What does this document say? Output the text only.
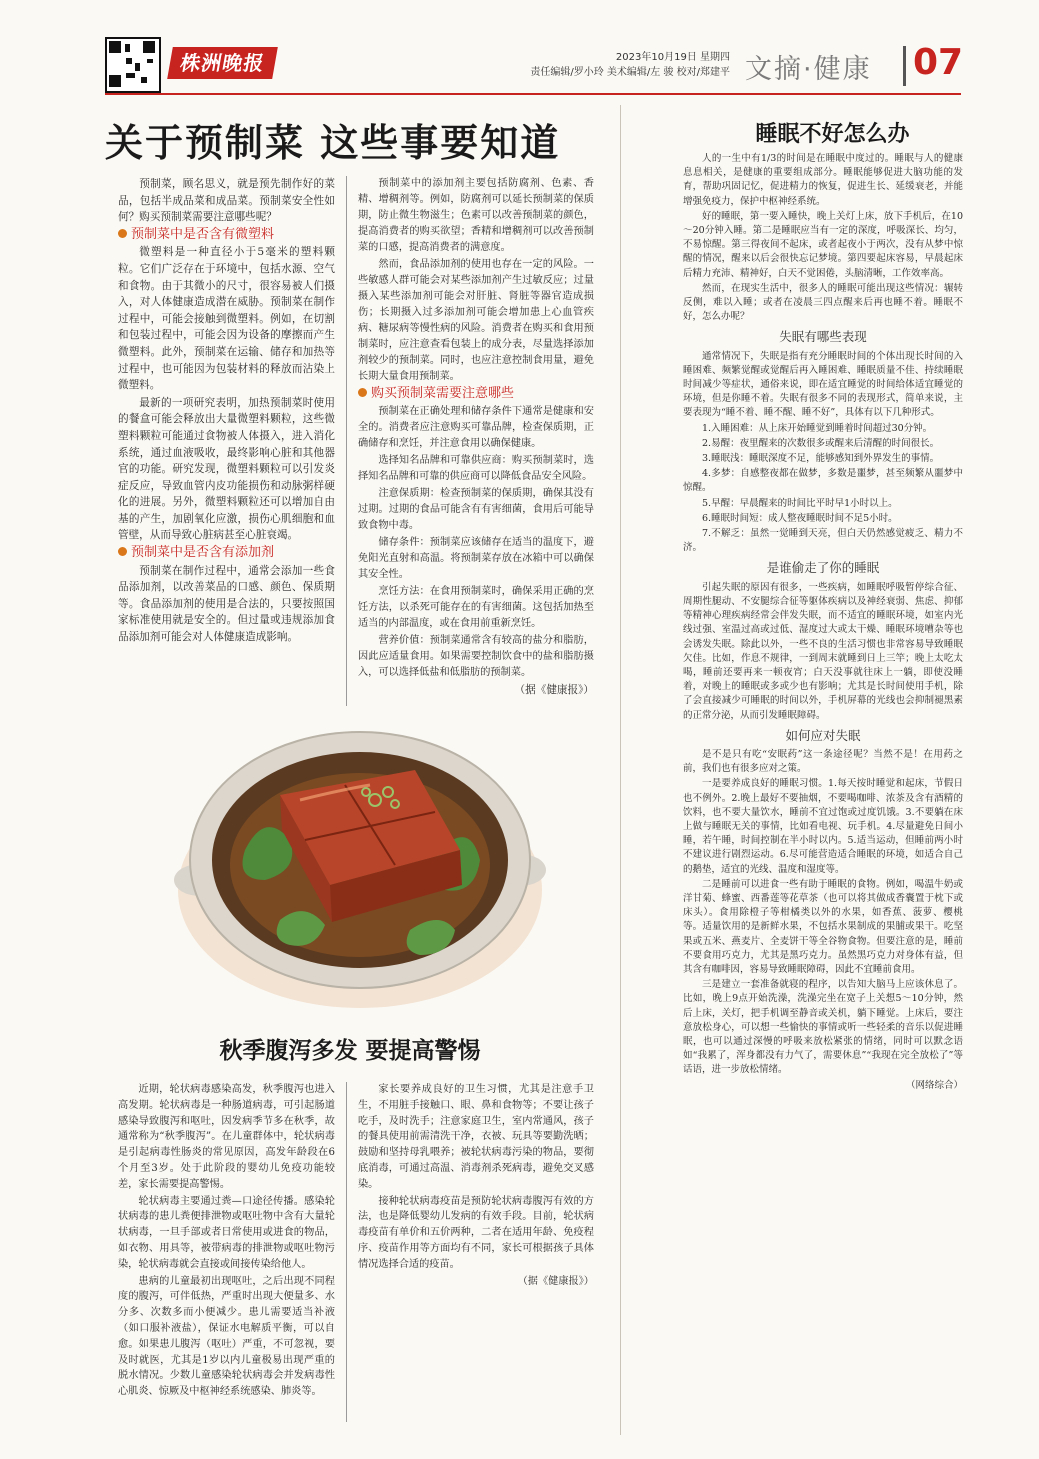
株洲晚报	2023年10月19日 星期四
责任编辑/罗小玲 美术编辑/左 骏 校对/郑建平 文摘·健康 07
关于预制菜 这些事要知道

预制菜，顾名思义，就是预先制作好的菜品，包括半成品菜和成品菜。预制菜安全性如何？购买预制菜需要注意哪些呢？

预制菜中是否含有微塑料

微塑料是一种直径小于5毫米的塑料颗粒。它们广泛存在于环境中，包括水源、空气和食物。由于其微小的尺寸，很容易被人们摄入，对人体健康造成潜在威胁。预制菜在制作过程中，可能会接触到微塑料。例如，在切割和包装过程中，可能会因为设备的摩擦而产生微塑料。此外，预制菜在运输、储存和加热等过程中，也可能因为包装材料的释放而沾染上微塑料。

最新的一项研究表明，加热预制菜时使用的餐盒可能会释放出大量微塑料颗粒，这些微塑料颗粒可能通过食物被人体摄入，进入消化系统，通过血液吸收，最终影响心脏和其他器官的功能。研究发现，微塑料颗粒可以引发炎症反应，导致血管内皮功能损伤和动脉粥样硬化的进展。另外，微塑料颗粒还可以增加自由基的产生，加剧氧化应激，损伤心肌细胞和血管壁，从而导致心脏病甚至心脏衰竭。

预制菜中是否含有添加剂

预制菜在制作过程中，通常会添加一些食品添加剂，以改善菜品的口感、颜色、保质期等。食品添加剂的使用是合法的，只要按照国家标准使用就是安全的。但过量或违规添加食品添加剂可能会对人体健康造成影响。

预制菜中的添加剂主要包括防腐剂、色素、香精、增稠剂等。例如，防腐剂可以延长预制菜的保质期，防止微生物滋生；色素可以改善预制菜的颜色，提高消费者的购买欲望；香精和增稠剂可以改善预制菜的口感，提高消费者的满意度。

然而，食品添加剂的使用也存在一定的风险。一些敏感人群可能会对某些添加剂产生过敏反应；过量摄入某些添加剂可能会对肝脏、肾脏等器官造成损伤；长期摄入过多添加剂可能会增加患上心血管疾病、糖尿病等慢性病的风险。消费者在购买和食用预制菜时，应注意查看包装上的成分表，尽量选择添加剂较少的预制菜。同时，也应注意控制食用量，避免长期大量食用预制菜。

购买预制菜需要注意哪些

预制菜在正确处理和储存条件下通常是健康和安全的。消费者应注意购买可靠品牌，检查保质期，正确储存和烹饪，并注意食用以确保健康。

选择知名品牌和可靠供应商：购买预制菜时，选择知名品牌和可靠的供应商可以降低食品安全风险。

注意保质期：检查预制菜的保质期，确保其没有过期。过期的食品可能含有有害细菌，食用后可能导致食物中毒。

储存条件：预制菜应该储存在适当的温度下，避免阳光直射和高温。将预制菜存放在冰箱中可以确保其安全性。

烹饪方法：在食用预制菜时，确保采用正确的烹饪方法，以杀死可能存在的有害细菌。这包括加热至适当的内部温度，或在食用前重新烹饪。

营养价值：预制菜通常含有较高的盐分和脂肪，因此应适量食用。如果需要控制饮食中的盐和脂肪摄入，可以选择低盐和低脂肪的预制菜。

（据《健康报》）

秋季腹泻多发 要提高警惕

近期，轮状病毒感染高发，秋季腹泻也进入高发期。轮状病毒是一种肠道病毒，可引起肠道感染导致腹泻和呕吐，因发病季节多在秋季，故通常称为“秋季腹泻”。在儿童群体中，轮状病毒是引起病毒性肠炎的常见原因，高发年龄段在6个月至3岁。处于此阶段的婴幼儿免疫功能较差，家长需要提高警惕。

轮状病毒主要通过粪—口途径传播。感染轮状病毒的患儿粪便排泄物或呕吐物中含有大量轮状病毒，一旦手部或者日常使用或进食的物品，如衣物、用具等，被带病毒的排泄物或呕吐物污染，轮状病毒就会直接或间接传染给他人。

患病的儿童最初出现呕吐，之后出现不同程度的腹泻，可伴低热，严重时出现大便量多、水分多、次数多而小便减少。患儿需要适当补液（如口服补液盐），保证水电解质平衡，可以自愈。如果患儿腹泻（呕吐）严重，不可忽视，要及时就医，尤其是1岁以内儿童极易出现严重的脱水情况。少数儿童感染轮状病毒会并发病毒性心肌炎、惊厥及中枢神经系统感染、肺炎等。

家长要养成良好的卫生习惯，尤其是注意手卫生，不用脏手接触口、眼、鼻和食物等；不要让孩子吃手，及时洗手；注意家庭卫生，室内常通风，孩子的餐具使用前需清洗干净，衣被、玩具等要勤洗晒；鼓励和坚持母乳喂养；被轮状病毒污染的物品，要彻底消毒，可通过高温、消毒剂杀死病毒，避免交叉感染。

接种轮状病毒疫苗是预防轮状病毒腹泻有效的方法，也是降低婴幼儿发病的有效手段。目前，轮状病毒疫苗有单价和五价两种，二者在适用年龄、免疫程序、疫苗作用等方面均有不同，家长可根据孩子具体情况选择合适的疫苗。

（据《健康报》）

睡眠不好怎么办

人的一生中有1/3的时间是在睡眠中度过的。睡眠与人的健康息息相关，是健康的重要组成部分。睡眠能够促进大脑功能的发育，帮助巩固记忆，促进精力的恢复，促进生长、延缓衰老，并能增强免疫力，保护中枢神经系统。

好的睡眠，第一要入睡快，晚上关灯上床，放下手机后，在10～20分钟入睡。第二是睡眠应当有一定的深度，呼吸深长、均匀，不易惊醒。第三得夜间不起床，或者起夜小于两次，没有从梦中惊醒的情况，醒来以后会很快忘记梦境。第四要起床容易，早晨起床后精力充沛、精神好，白天不觉困倦，头脑清晰，工作效率高。

然而，在现实生活中，很多人的睡眠可能出现这些情况：辗转反侧，难以入睡；或者在凌晨三四点醒来后再也睡不着。睡眠不好，怎么办呢？

失眠有哪些表现

通常情况下，失眠是指有充分睡眠时间的个体出现长时间的入睡困难、频繁觉醒或觉醒后再入睡困难、睡眠质量不佳、持续睡眠时间减少等症状，通俗来说，即在适宜睡觉的时间给体适宜睡觉的环境，但是你睡不着。失眠有很多不同的表现形式，简单来说，主要表现为“睡不着、睡不醒、睡不好”，具体有以下几种形式。

1.入睡困难：从上床开始睡觉到睡着时间超过30分钟。

2.易醒：夜里醒来的次数很多或醒来后清醒的时间很长。

3.睡眠浅：睡眠深度不足，能够感知到外界发生的事情。

4.多梦：自感整夜都在做梦，多数是噩梦，甚至频繁从噩梦中惊醒。

5.早醒：早晨醒来的时间比平时早1小时以上。

6.睡眠时间短：成人整夜睡眠时间不足5小时。

7.不解乏：虽然一觉睡到天亮，但白天仍然感觉疲乏、精力不济。

是谁偷走了你的睡眠

引起失眠的原因有很多，一些疾病，如睡眠呼吸暂停综合征、周期性腿动、不安腿综合征等躯体疾病以及神经衰弱、焦虑、抑郁等精神心理疾病经常会伴发失眠，而不适宜的睡眠环境，如室内光线过强、室温过高或过低、湿度过大或太干燥、睡眠环境嘈杂等也会诱发失眠。除此以外，一些不良的生活习惯也非常容易导致睡眠欠佳。比如，作息不规律，一到周末就睡到日上三竿；晚上太吃太喝，睡前还要再来一顿夜宵；白天没事就往床上一躺，即使没睡着，对晚上的睡眠或多或少也有影响；尤其是长时间使用手机，除了会直接减少可睡眠的时间以外，手机屏幕的光线也会抑制褪黑素的正常分泌，从而引发睡眠障碍。

如何应对失眠

是不是只有吃“安眠药”这一条途径呢？当然不是！在用药之前，我们也有很多应对之策。

一是要养成良好的睡眠习惯。1.每天按时睡觉和起床，节假日也不例外。2.晚上最好不要抽烟，不要喝咖啡、浓茶及含有酒精的饮料，也不要大量饮水，睡前不宜过饱或过度饥饿。3.不要躺在床上做与睡眠无关的事情，比如看电视、玩手机。4.尽量避免日间小睡，若午睡，时间控制在半小时以内。5.适当运动，但睡前两小时不建议进行剧烈运动。6.尽可能营造适合睡眠的环境，如适合自己的鹅垫，适宜的光线、温度和湿度等。

二是睡前可以进食一些有助于睡眠的食物。例如，喝温牛奶或洋甘菊、蜂蜜、西番莲等花草茶（也可以将其做成香囊置于枕下或床头）。食用除橙子等柑橘类以外的水果，如香蕉、菠萝、樱桃等。适量饮用的是新鲜水果，不包括水果制成的果脯或果干。吃坚果或五米、燕麦片、全麦饼干等全谷物食物。但要注意的是，睡前不要食用巧克力，尤其是黑巧克力。虽然黑巧克力对身体有益，但其含有咖啡因，容易导致睡眠障碍，因此不宜睡前食用。

三是建立一套准备就寝的程序，以告知大脑马上应该休息了。比如，晚上9点开始洗澡，洗澡完坐在宽子上关想5～10分钟，然后上床，关灯，把手机调至静音或关机，躺下睡觉。上床后，要注意放松身心，可以想一些愉快的事情或听一些轻柔的音乐以促进睡眠，也可以通过深慢的呼吸来放松紧张的情绪，同时可以默念语如“我累了，浑身都没有力气了，需要休息”“我现在完全放松了”等话语，进一步放松情绪。

（网络综合）
